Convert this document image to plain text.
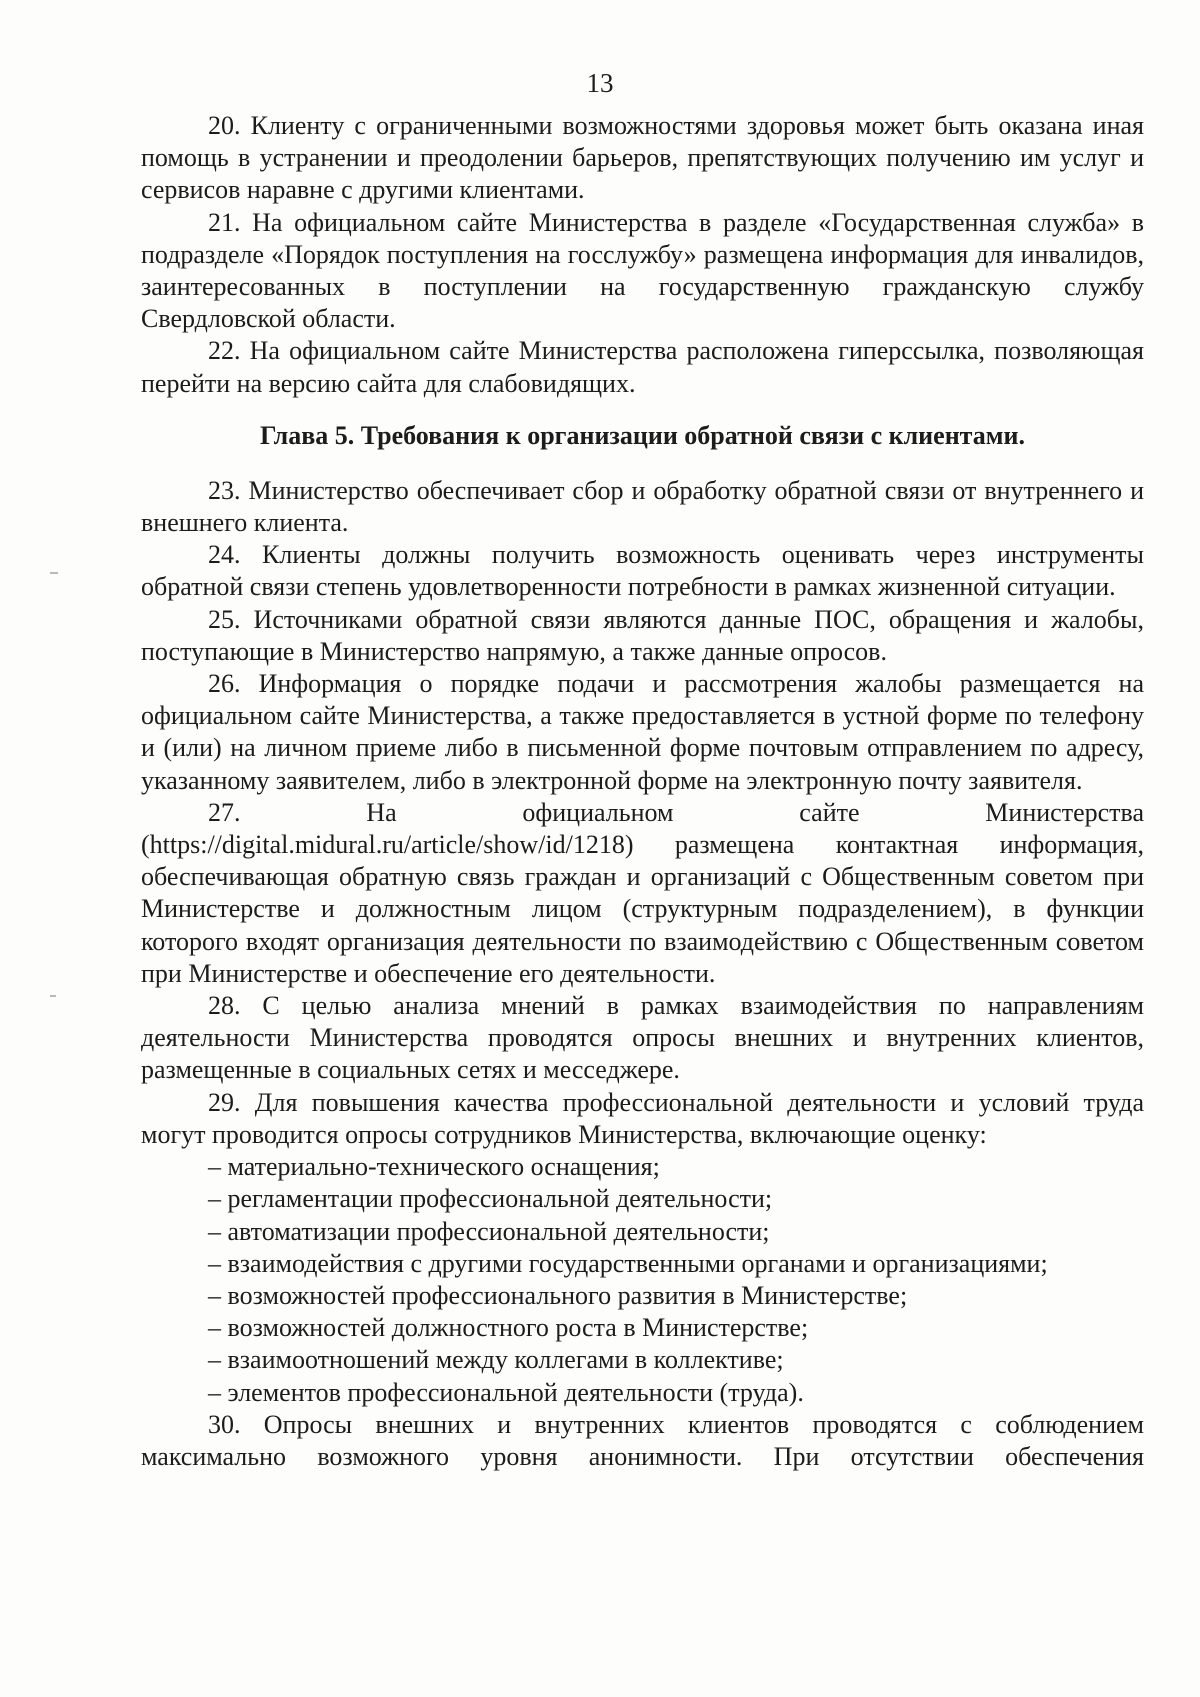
13

20. Клиенту с ограниченными возможностями здоровья может быть оказана иная помощь в устранении и преодолении барьеров, препятствующих получению им услуг и сервисов наравне с другими клиентами.

21. На официальном сайте Министерства в разделе «Государственная служба» в подразделе «Порядок поступления на госслужбу» размещена информация для инвалидов, заинтересованных в поступлении на государственную гражданскую службу Свердловской области.

22. На официальном сайте Министерства расположена гиперссылка, позволяющая перейти на версию сайта для слабовидящих.

Глава 5. Требования к организации обратной связи с клиентами.

23. Министерство обеспечивает сбор и обработку обратной связи от внутреннего и внешнего клиента.

24. Клиенты должны получить возможность оценивать через инструменты обратной связи степень удовлетворенности потребности в рамках жизненной ситуации.

25. Источниками обратной связи являются данные ПОС, обращения и жалобы, поступающие в Министерство напрямую, а также данные опросов.

26. Информация о порядке подачи и рассмотрения жалобы размещается на официальном сайте Министерства, а также предоставляется в устной форме по телефону и (или) на личном приеме либо в письменной форме почтовым отправлением по адресу, указанному заявителем, либо в электронной форме на электронную почту заявителя.

27. На официальном сайте Министерства (https://digital.midural.ru/article/show/id/1218) размещена контактная информация, обеспечивающая обратную связь граждан и организаций с Общественным советом при Министерстве и должностным лицом (структурным подразделением), в функции которого входят организация деятельности по взаимодействию с Общественным советом при Министерстве и обеспечение его деятельности.

28. С целью анализа мнений в рамках взаимодействия по направлениям деятельности Министерства проводятся опросы внешних и внутренних клиентов, размещенные в социальных сетях и месседжере.

29. Для повышения качества профессиональной деятельности и условий труда могут проводится опросы сотрудников Министерства, включающие оценку:

– материально-технического оснащения;
– регламентации профессиональной деятельности;
– автоматизации профессиональной деятельности;
– взаимодействия с другими государственными органами и организациями;
– возможностей профессионального развития в Министерстве;
– возможностей должностного роста в Министерстве;
– взаимоотношений между коллегами в коллективе;
– элементов профессиональной деятельности (труда).

30. Опросы внешних и внутренних клиентов проводятся с соблюдением максимально возможного уровня анонимности. При отсутствии обеспечения
